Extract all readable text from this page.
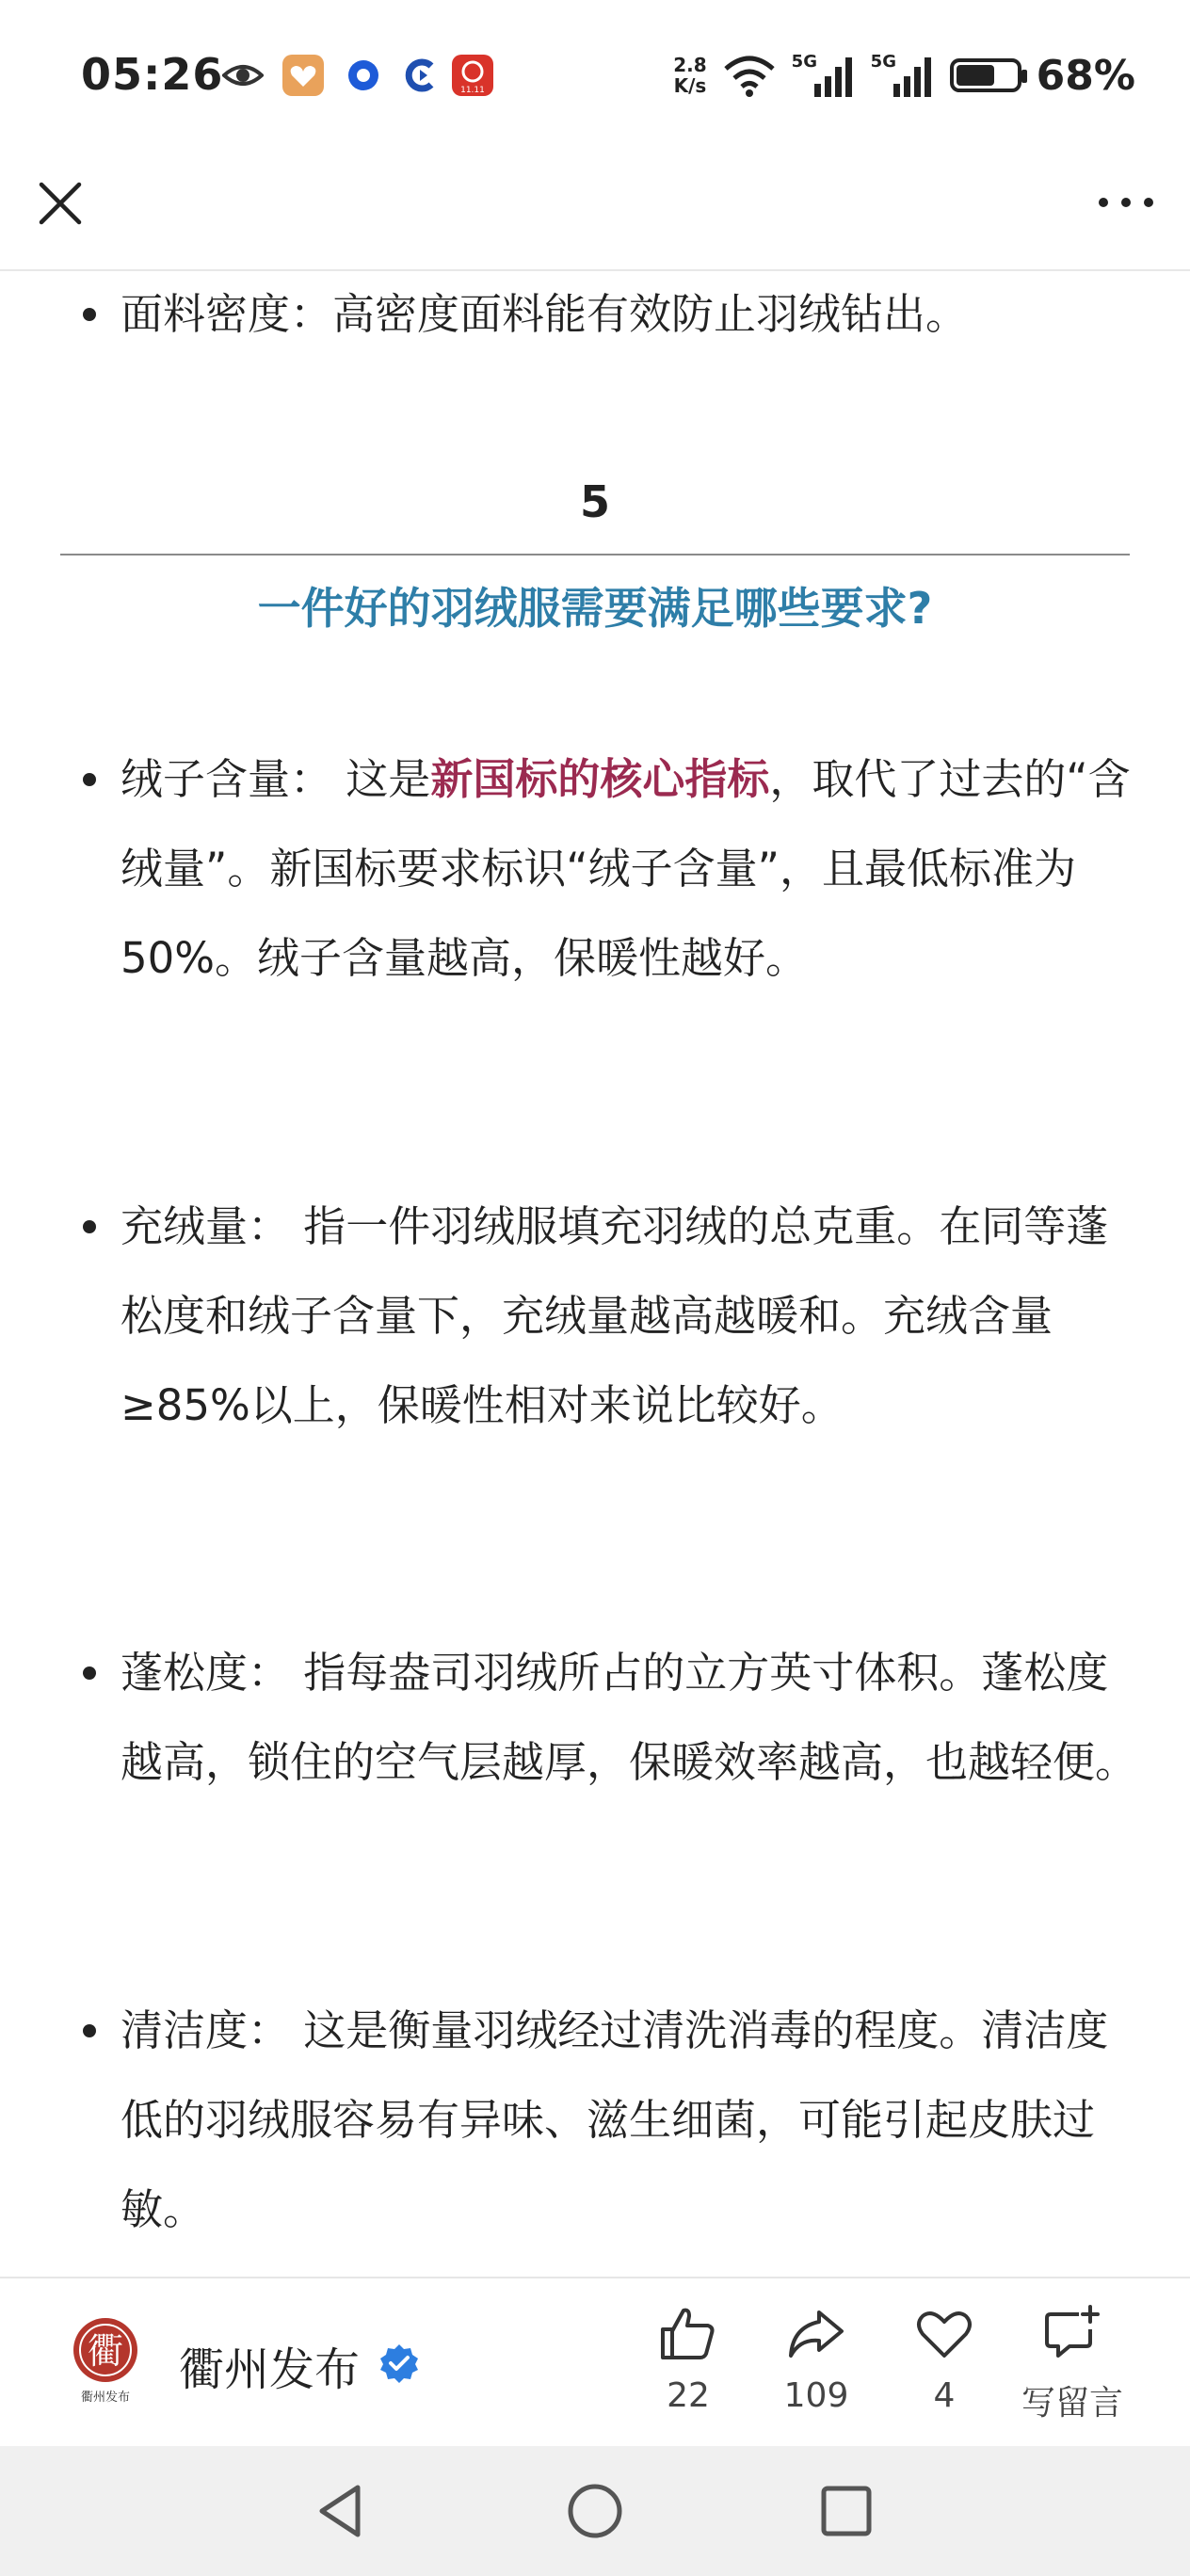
05:26	11.11
2.8
K/s
5G	5G	68%
面料密度：高密度面料能有效防止羽绒钻出。
5
一件好的羽绒服需要满足哪些要求?
绒子含量： 这是新国标的核心指标，取代了过去的“含绒量”。新国标要求标识“绒子含量”，且最低标准为50%。绒子含量越高，保暖性越好。
充绒量： 指一件羽绒服填充羽绒的总克重。在同等蓬松度和绒子含量下，充绒量越高越暖和。充绒含量≥85%以上，保暖性相对来说比较好。
蓬松度： 指每盎司羽绒所占的立方英寸体积。蓬松度越高，锁住的空气层越厚，保暖效率越高，也越轻便。
清洁度： 这是衡量羽绒经过清洗消毒的程度。清洁度低的羽绒服容易有异味、滋生细菌，可能引起皮肤过敏。
衢
衢州发布
衢州发布	22	109	4	写留言
